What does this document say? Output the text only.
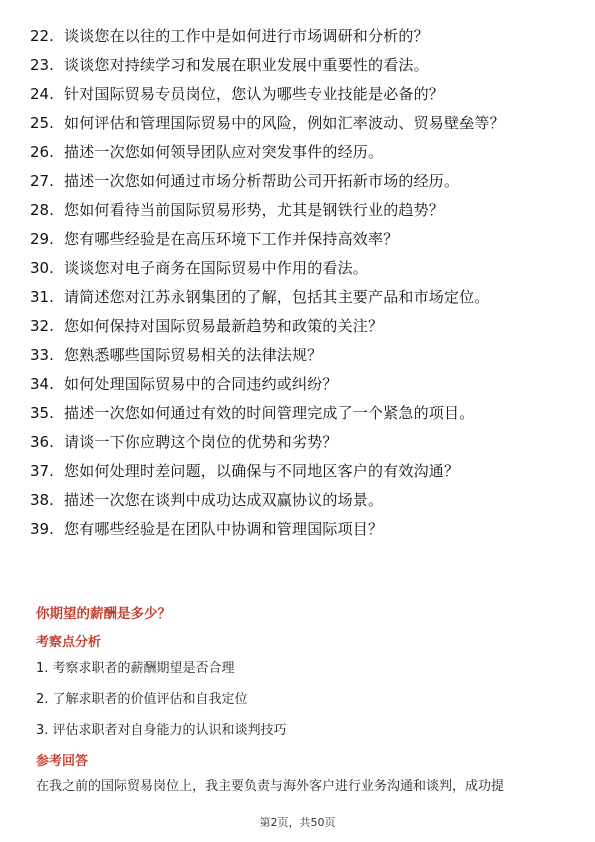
22. 谈谈您在以往的工作中是如何进行市场调研和分析的？
23. 谈谈您对持续学习和发展在职业发展中重要性的看法。
24. 针对国际贸易专员岗位，您认为哪些专业技能是必备的？
25. 如何评估和管理国际贸易中的风险，例如汇率波动、贸易壁垒等？
26. 描述一次您如何领导团队应对突发事件的经历。
27. 描述一次您如何通过市场分析帮助公司开拓新市场的经历。
28. 您如何看待当前国际贸易形势，尤其是钢铁行业的趋势？
29. 您有哪些经验是在高压环境下工作并保持高效率？
30. 谈谈您对电子商务在国际贸易中作用的看法。
31. 请简述您对江苏永钢集团的了解，包括其主要产品和市场定位。
32. 您如何保持对国际贸易最新趋势和政策的关注？
33. 您熟悉哪些国际贸易相关的法律法规？
34. 如何处理国际贸易中的合同违约或纠纷？
35. 描述一次您如何通过有效的时间管理完成了一个紧急的项目。
36. 请谈一下你应聘这个岗位的优势和劣势？
37. 您如何处理时差问题，以确保与不同地区客户的有效沟通？
38. 描述一次您在谈判中成功达成双赢协议的场景。
39. 您有哪些经验是在团队中协调和管理国际项目？
你期望的薪酬是多少？
考察点分析
1. 考察求职者的薪酬期望是否合理
2. 了解求职者的价值评估和自我定位
3. 评估求职者对自身能力的认识和谈判技巧
参考回答
在我之前的国际贸易岗位上，我主要负责与海外客户进行业务沟通和谈判，成功提
第2页，共50页
